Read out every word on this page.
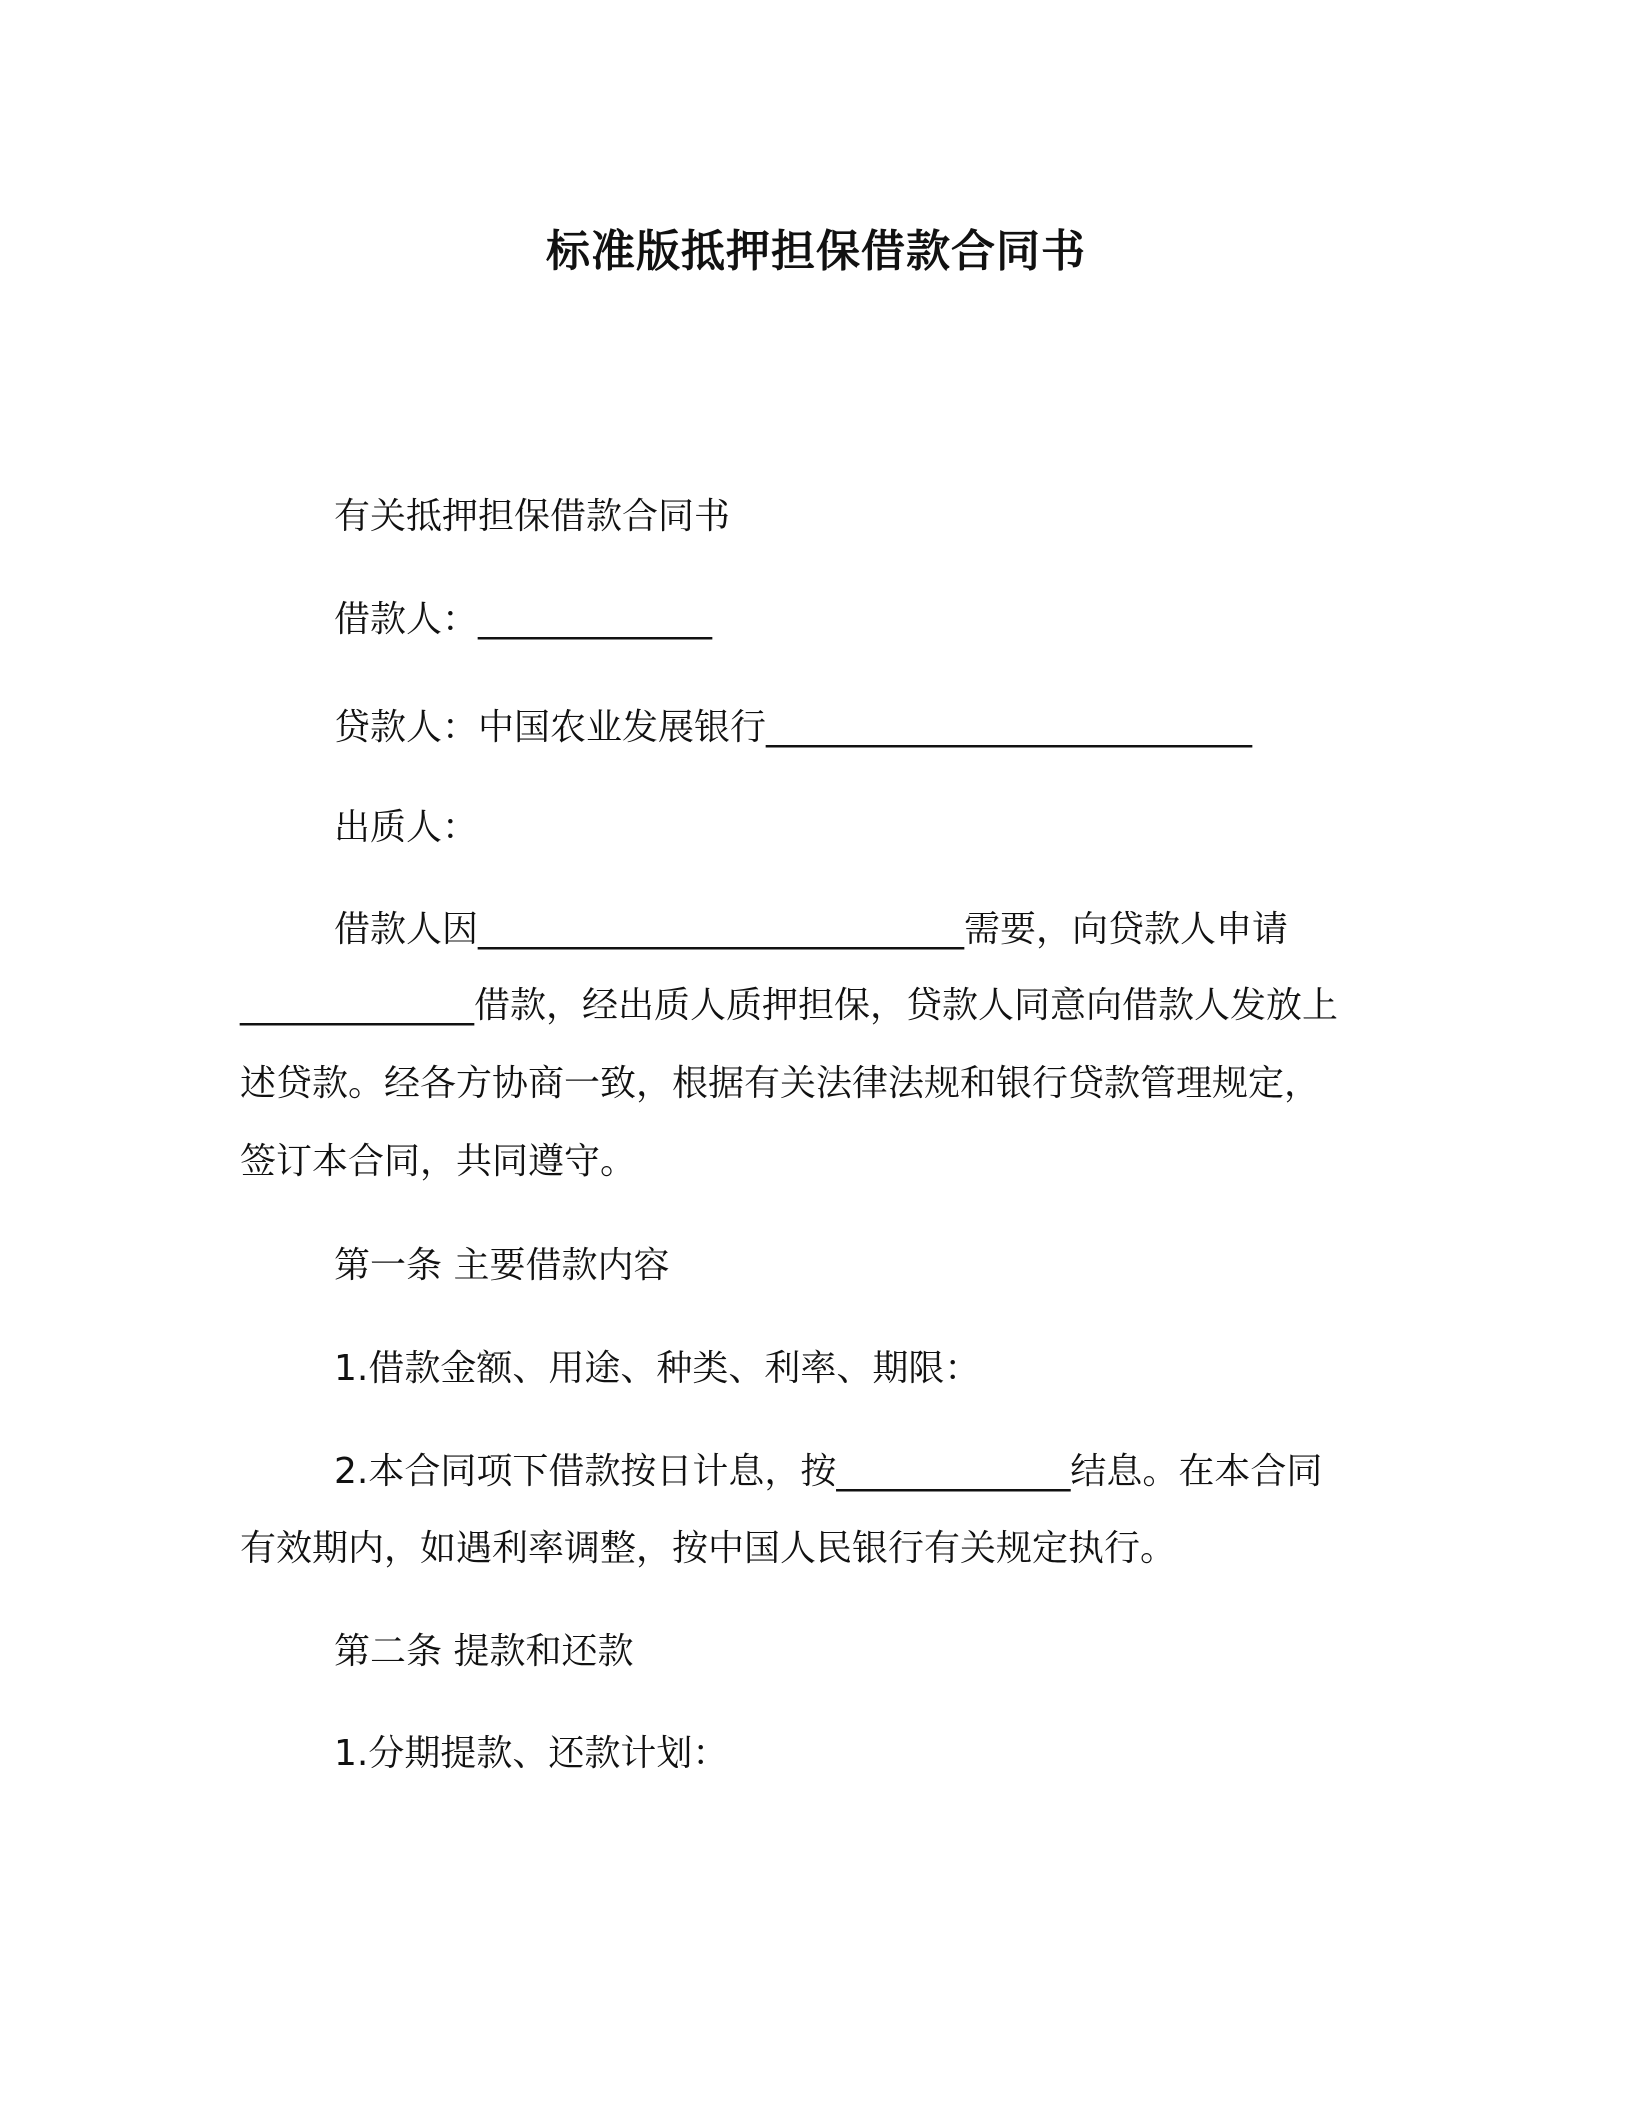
标准版抵押担保借款合同书
有关抵押担保借款合同书
借款人：_____________
贷款人：中国农业发展银行___________________________
出质人：
借款人因___________________________需要，向贷款人申请
_____________借款，经出质人质押担保，贷款人同意向借款人发放上
述贷款。经各方协商一致，根据有关法律法规和银行贷款管理规定，
签订本合同，共同遵守。
第一条 主要借款内容
1.借款金额、用途、种类、利率、期限：
2.本合同项下借款按日计息，按_____________结息。在本合同
有效期内，如遇利率调整，按中国人民银行有关规定执行。
第二条 提款和还款
1.分期提款、还款计划：
